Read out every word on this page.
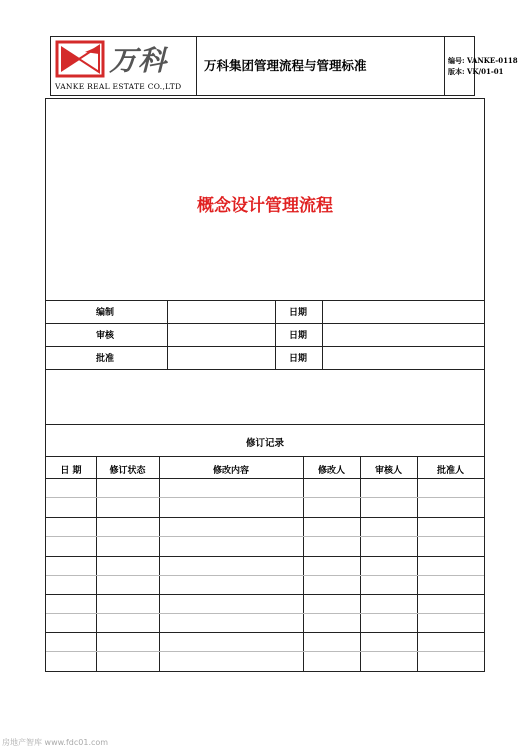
万科
VANKE REAL ESTATE CO.,LTD
万科集团管理流程与管理标准	编号: VANKE-0118
版本: VK/01-01
概念设计管理流程
编制	日期
审核	日期
批准	日期
修订记录
日 期	修订状态	修改内容	修改人	审核人	批准人
房地产智库 www.fdc01.com
